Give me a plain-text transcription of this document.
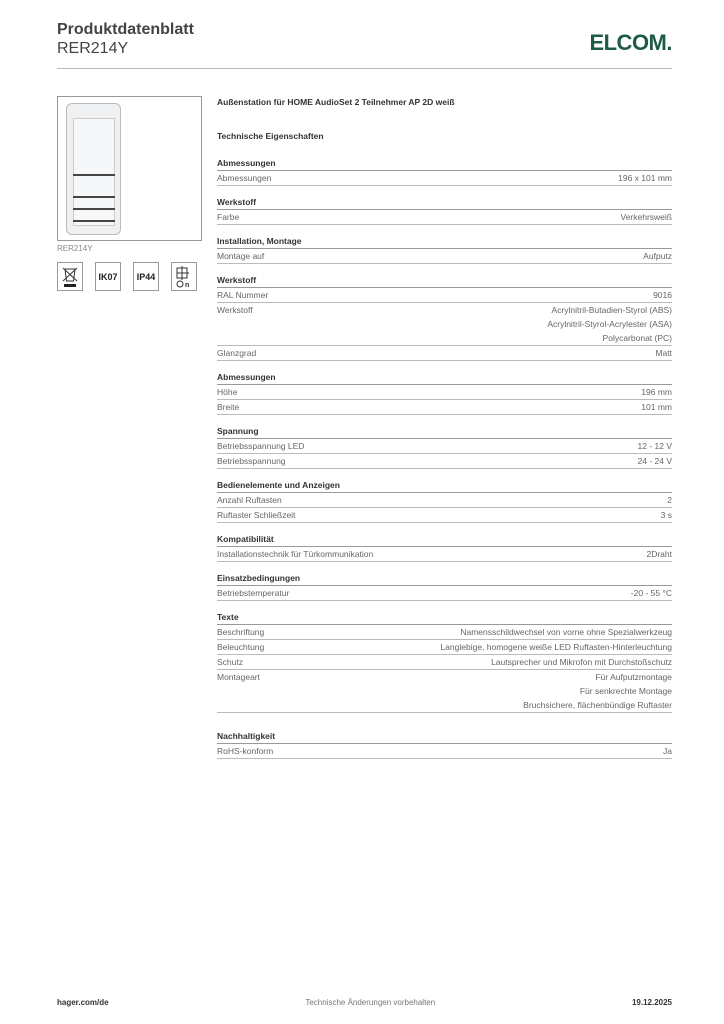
Produktdatenblatt
RER214Y	ELCOM.
RER214Y
IK07	IP44
n
Außenstation für HOME AudioSet 2 Teilnehmer AP 2D weiß
Technische Eigenschaften
Abmessungen
Abmessungen	196 x 101 mm
Werkstoff
Farbe	Verkehrsweiß
Installation, Montage
Montage auf	Aufputz
Werkstoff
RAL Nummer	9016
Werkstoff	Acrylnitril-Butadien-Styrol (ABS)
Acrylnitril-Styrol-Acrylester (ASA)
Polycarbonat (PC)
Glanzgrad	Matt
Abmessungen
Höhe	196 mm
Breite	101 mm
Spannung
Betriebsspannung LED	12 - 12 V
Betriebsspannung	24 - 24 V
Bedienelemente und Anzeigen
Anzahl Ruftasten	2
Ruftaster Schließzeit	3 s
Kompatibilität
Installationstechnik für Türkommunikation	2Draht
Einsatzbedingungen
Betriebstemperatur	-20 - 55 °C
Texte
Beschriftung	Namensschildwechsel von vorne ohne Spezialwerkzeug
Beleuchtung	Langlebige, homogene weiße LED Ruftasten-Hinterleuchtung
Schutz	Lautsprecher und Mikrofon mit Durchstoßschutz
Montageart	Für Aufputzmontage
Für senkrechte Montage
Bruchsichere, flächenbündige Ruftaster
Nachhaltigkeit
RoHS-konform	Ja
hager.com/de	Technische Änderungen vorbehalten	19.12.2025
